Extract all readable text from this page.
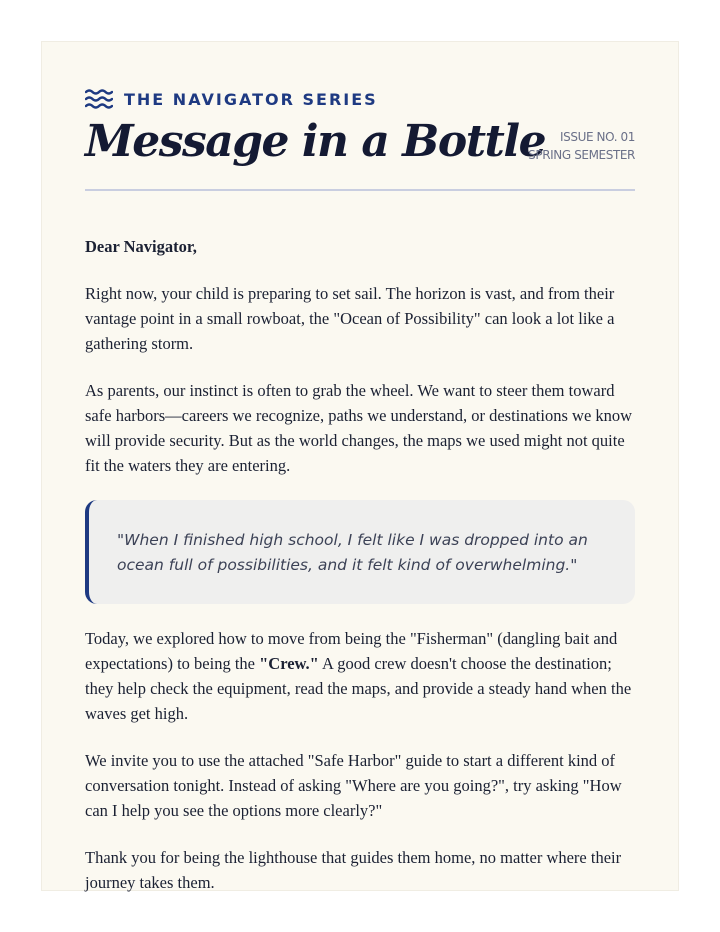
THE NAVIGATOR SERIES
Message in a Bottle	ISSUE NO. 01
SPRING SEMESTER

Dear Navigator,

Right now, your child is preparing to set sail. The horizon is vast, and from their vantage point in a small rowboat, the "Ocean of Possibility" can look a lot like a gathering storm.

As parents, our instinct is often to grab the wheel. We want to steer them toward safe harbors—careers we recognize, paths we understand, or destinations we know will provide security. But as the world changes, the maps we used might not quite fit the waters they are entering.

"When I finished high school, I felt like I was dropped into an ocean full of possibilities, and it felt kind of overwhelming."

Today, we explored how to move from being the "Fisherman" (dangling bait and expectations) to being the "Crew." A good crew doesn't choose the destination; they help check the equipment, read the maps, and provide a steady hand when the waves get high.

We invite you to use the attached "Safe Harbor" guide to start a different kind of conversation tonight. Instead of asking "Where are you going?", try asking "How can I help you see the options more clearly?"

Thank you for being the lighthouse that guides them home, no matter where their journey takes them.
